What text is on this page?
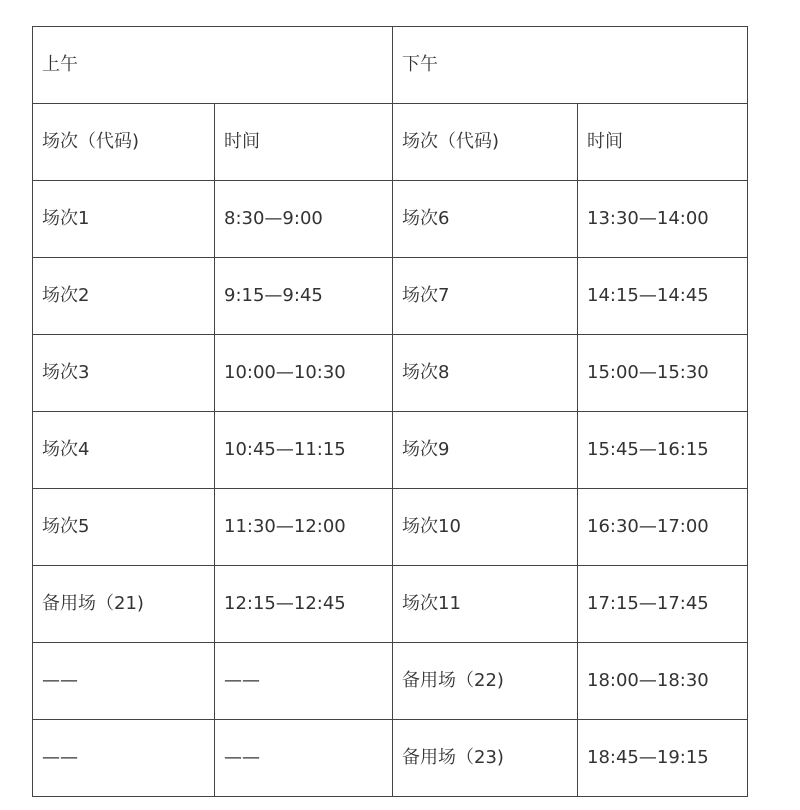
上午		下午	
场次（代码)	时间	场次（代码)	时间
场次1	8:30—9:00	场次6	13:30—14:00
场次2	9:15—9:45	场次7	14:15—14:45
场次3	10:00—10:30	场次8	15:00—15:30
场次4	10:45—11:15	场次9	15:45—16:15
场次5	11:30—12:00	场次10	16:30—17:00
备用场（21)	12:15—12:45	场次11	17:15—17:45
——	——	备用场（22)	18:00—18:30
——	——	备用场（23)	18:45—19:15
